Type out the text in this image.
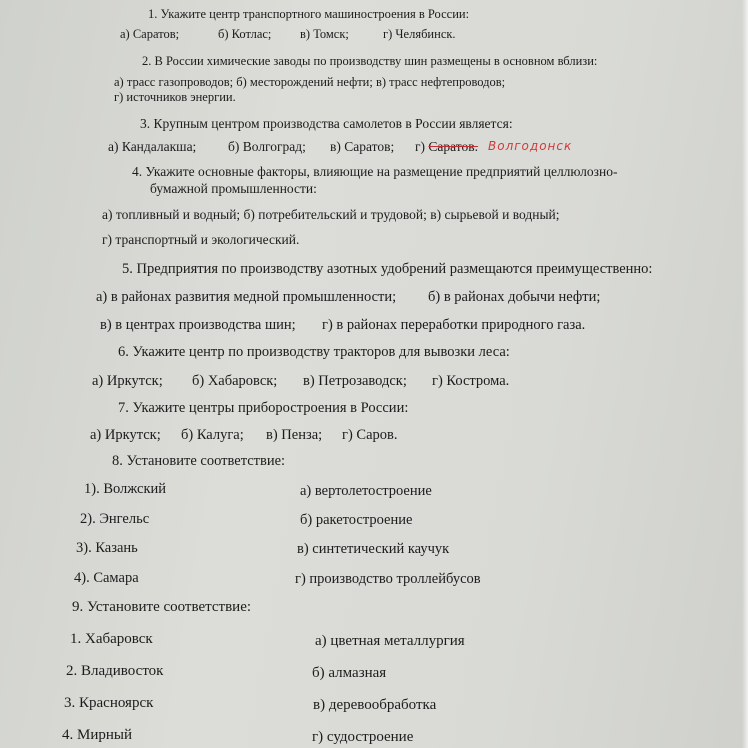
1. Укажите центр транспортного машиностроения в России:
а) Саратов;	б) Котлас; в) Томск;	г) Челябинск.
2. В России химические заводы по производству шин размещены в основном вблизи:
а) трасс газопроводов; б) месторождений нефти; в) трасс нефтепроводов;
г) источников энергии.
3. Крупным центром производства самолетов в России является:
а) Кандалакша; б) Волгоград; в) Саратов; г) Саратов. Волгодонск
4. Укажите основные факторы, влияющие на размещение предприятий целлюлозно-
бумажной промышленности:
а) топливный и водный; б) потребительский и трудовой; в) сырьевой и водный;
г) транспортный и экологический.
5. Предприятия по производству азотных удобрений размещаются преимущественно:
а) в районах развития медной промышленности; б) в районах добычи нефти;
в) в центрах производства шин; г) в районах переработки природного газа.
6. Укажите центр по производству тракторов для вывозки леса:
а) Иркутск; б) Хабаровск; в) Петрозаводск; г) Кострома.
7. Укажите центры приборостроения в России:
а) Иркутск; б) Калуга; в) Пенза; г) Саров.
8. Установите соответствие:
1). Волжский
2). Энгельс
3). Казань
4). Самара
а) вертолетостроение
б) ракетостроение
в) синтетический каучук
г) производство троллейбусов
9. Установите соответствие:
1. Хабаровск
2. Владивосток
3. Красноярск
4. Мирный
а) цветная металлургия
б) алмазная
в) деревообработка
г) судостроение
